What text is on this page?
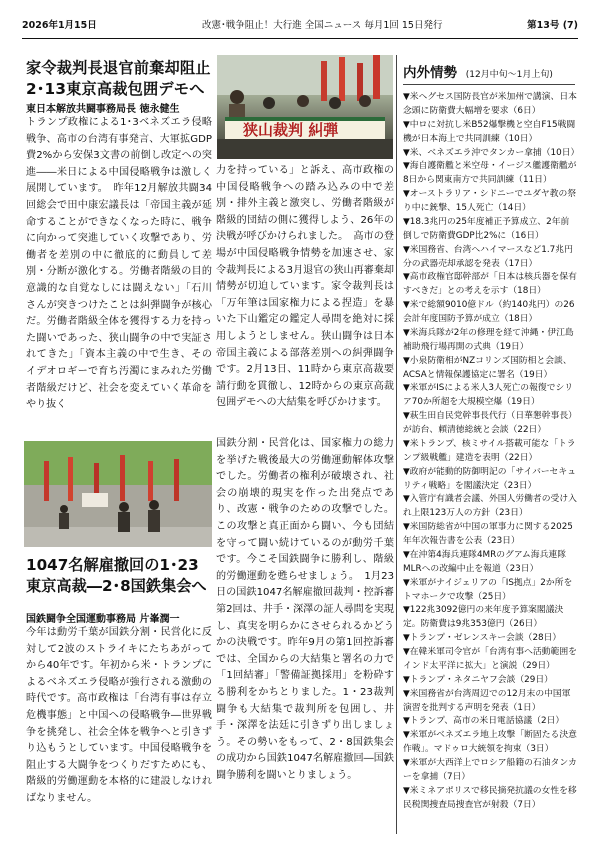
2026年1月15日	改憲･戦争阻止！大行進 全国ニュース 毎月1回 15日発行	第13号 (7)
家令裁判長退官前棄却阻止
2･13東京高裁包囲デモへ
狭山裁判 糾弾
東日本解放共闘事務局長 徳永健生

トランプ政権による1･3ベネズエラ侵略戦争、高市の台湾有事発言、大軍拡GDP費2%から安保3文書の前倒し改定への突進――米日による中国侵略戦争は激しく展開しています。　昨年12月解放共闘34回総会で田中康宏議長は「帝国主義が延命することができなくなった時に、戦争に向かって突進していく攻撃であり、労働者を差別の中に徹底的に動員して差別・分断が激化する。労働者階級の目的意識的な自覚なしには闘えない」「石川さんが突きつけたことは糾弾闘争が核心だ。労働者階級全体を獲得する力を持った闘いであった、狭山闘争の中で実証されてきた」「資本主義の中で生き、そのイデオロギーで育ち汚濁にまみれた労働者階級だけど、社会を変えていく革命をやり抜く

力を持っている」と訴え、高市政権の中国侵略戦争への踏み込みの中で差別・排外主義と激突し、労働者階級が階級的団結の側に獲得しよう、26年の決戦が呼びかけられました。　高市の登場が中国侵略戦争情勢を加速させ、家令裁判長による3月退官の狭山再審棄却情勢が切迫しています。家令裁判長は「万年筆は国家権力による捏造」を暴いた下山鑑定の鑑定人尋問を絶対に採用しようとしません。狭山闘争は日本帝国主義による部落差別への糾弾闘争です。2月13日、11時から東京高裁要請行動を貫徹し、12時からの東京高裁包囲デモへの大結集を呼びかけます。

1047名解雇撤回の1･23
東京高裁―2･8国鉄集会へ
国鉄闘争全国運動事務局 片峯潤一

今年は動労千葉が国鉄分割・民営化に反対して2波のストライキにたちあがってから40年です。年初から米・トランプによるベネズエラ侵略が強行される激動の時代です。高市政権は「台湾有事は存立危機事態」と中国への侵略戦争―世界戦争を挑発し、社会全体を戦争へと引きずり込もうとしています。中国侵略戦争を阻止する大闘争をつくりだすためにも、階級的労働運動を本格的に建設しなければなりません。

国鉄分割・民営化は、国家権力の総力を挙げた戦後最大の労働運動解体攻撃でした。労働者の権利が破壊され、社会の崩壊的現実を作った出発点であり、改憲・戦争のための攻撃でした。この攻撃と真正面から闘い、今も団結を守って闘い続けているのが動労千葉です。今こそ国鉄闘争に勝利し、階級的労働運動を甦らせましょう。　1月23日の国鉄1047名解雇撤回裁判・控訴審第2回は、井手・深澤の証人尋問を実現し、真実を明らかにさせられるかどうかの決戦です。昨年9月の第1回控訴審では、全国からの大結集と署名の力で「1回結審」「警備証拠採用」を粉砕する勝利をかちとりました。1・23裁判闘争も大結集で裁判所を包囲し、井手・深澤を法廷に引きずり出しましょう。その勢いをもって、2・8国鉄集会の成功から国鉄1047名解雇撤回―国鉄闘争勝利を闘いとりましょう。

内外情勢 (12月中旬～1月上旬)
▼米ヘグセス国防長官が米加州で講演、日本念頭に防衛費大幅増を要求（6日）
▼中ロに対抗し米B52爆撃機と空自F15戦闘機が日本海上で共同訓練（10日）
▼米、ベネズエラ沖でタンカー拿捕（10日）
▼海自護衛艦と米空母・イージス艦護衛艦が8日から関東南方で共同訓練（11日）
▼オーストラリア・シドニーでユダヤ教の祭り中に銃撃、15人死亡（14日）
▼18.3兆円の25年度補正予算成立、2年前倒しで防衛費GDP比2%に（16日）
▼米国務省、台湾へハイマースなど1.7兆円分の武器売却承認を発表（17日）
▼高市政権官邸幹部が「日本は核兵器を保有すべきだ」との考えを示す（18日）
▼米で総額9010億ドル（約140兆円）の26会計年度国防予算が成立（18日）
▼米海兵隊が2年の修理を経て沖縄・伊江島補助飛行場再開の式典（19日）
▼小泉防衛相がNZコリンズ国防相と会談、ACSAと情報保護協定に署名（19日）
▼米軍がISによる米人3人死亡の報復でシリア70か所超を大規模空爆（19日）
▼萩生田自民党幹事長代行（日華懇幹事長）が訪台、頼清徳総統と会談（22日）
▼米トランプ、核ミサイル搭載可能な「トランプ級戦艦」建造を表明（22日）
▼政府が能動的防御明記の「サイバーセキュリティ戦略」を閣議決定（23日）
▼入管庁有識者会議、外国人労働者の受け入れ上限123万人の方針（23日）
▼米国防総省が中国の軍事力に関する2025年年次報告書を公表（23日）
▼在沖第4海兵連隊4MRのグアム海兵連隊MLRへの改編中止を報道（23日）
▼米軍がナイジェリアの「IS拠点」2か所をトマホークで攻撃（25日）
▼122兆3092億円の来年度予算案閣議決定。防衛費は9兆353億円（26日）
▼トランプ・ゼレンスキー会談（28日）
▼在韓米軍司令官が「台湾有事へ活動範囲をインド太平洋に拡大」と演説（29日）
▼トランプ・ネタニヤフ会談（29日）
▼米国務省が台湾周辺での12月末の中国軍演習を批判する声明を発表（1日）
▼トランプ、高市の米日電話協議（2日）
▼米軍がベネズエラ地上攻撃「断固たる決意作戦」。マドゥロ大統領を拘束（3日）
▼米軍が大西洋上でロシア船籍の石油タンカーを拿捕（7日）
▼米ミネアポリスで移民摘発抗議の女性を移民税関捜査局捜査官が射殺（7日）
